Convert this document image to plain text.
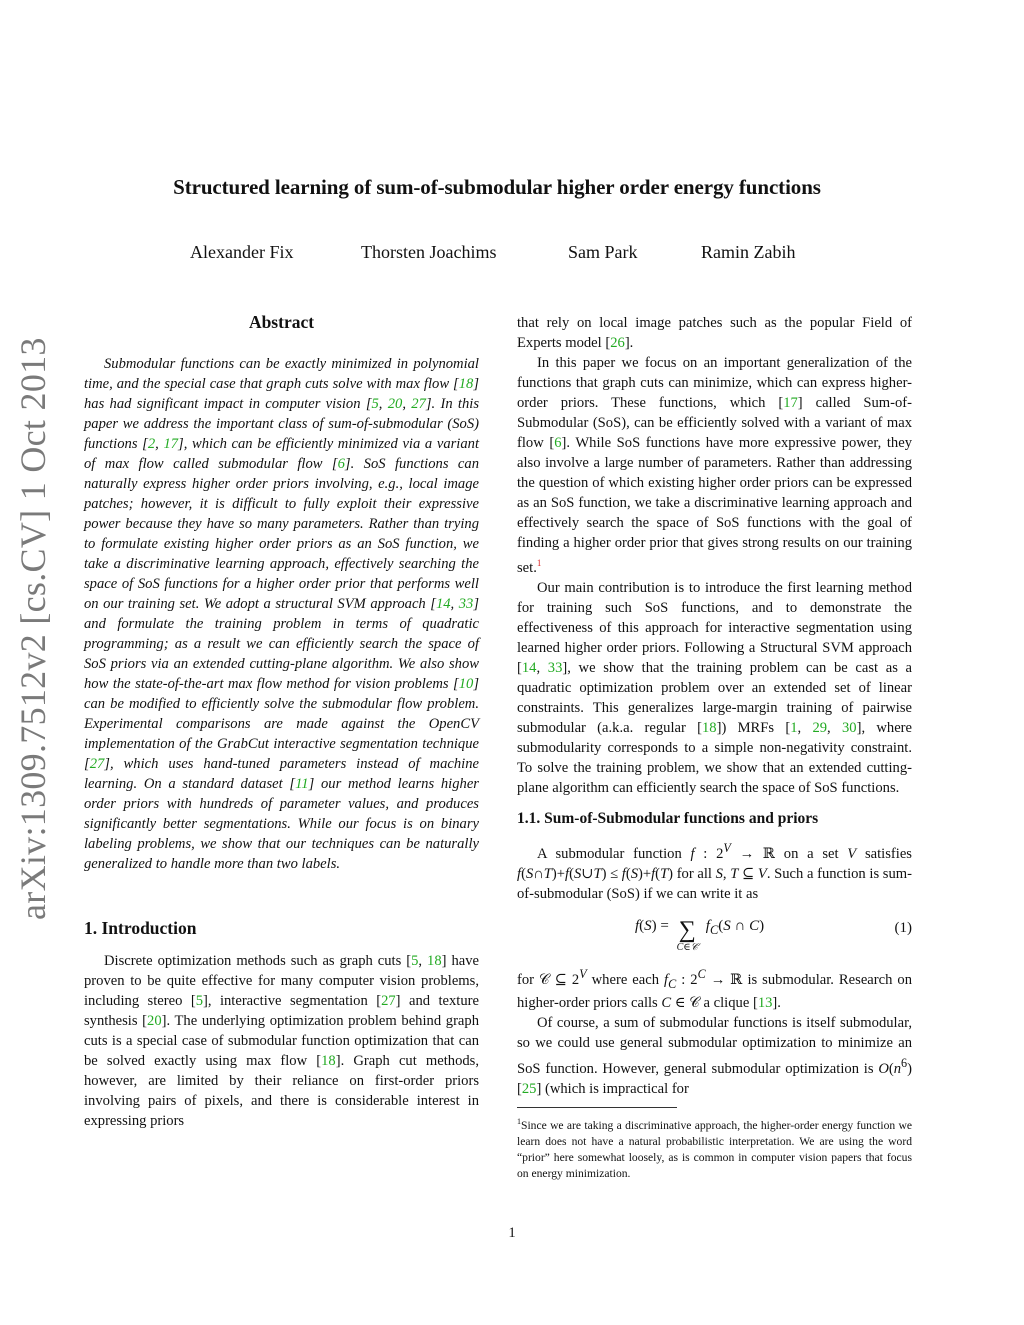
Structured learning of sum-of-submodular higher order energy functions
Alexander Fix	Thorsten Joachims	Sam Park	Ramin Zabih
arXiv:1309.7512v2 [cs.CV] 1 Oct 2013
Abstract

Submodular functions can be exactly minimized in polynomial time, and the special case that graph cuts solve with max flow [18] has had significant impact in computer vision [5, 20, 27]. In this paper we address the important class of sum-of-submodular (SoS) functions [2, 17], which can be efficiently minimized via a variant of max flow called submodular flow [6]. SoS functions can naturally express higher order priors involving, e.g., local image patches; however, it is difficult to fully exploit their expressive power because they have so many parameters. Rather than trying to formulate existing higher order priors as an SoS function, we take a discriminative learning approach, effectively searching the space of SoS functions for a higher order prior that performs well on our training set. We adopt a structural SVM approach [14, 33] and formulate the training problem in terms of quadratic programming; as a result we can efficiently search the space of SoS priors via an extended cutting-plane algorithm. We also show how the state-of-the-art max flow method for vision problems [10] can be modified to efficiently solve the submodular flow problem. Experimental comparisons are made against the OpenCV implementation of the GrabCut interactive segmentation technique [27], which uses hand-tuned parameters instead of machine learning. On a standard dataset [11] our method learns higher order priors with hundreds of parameter values, and produces significantly better segmentations. While our focus is on binary labeling problems, we show that our techniques can be naturally generalized to handle more than two labels.

1. Introduction

Discrete optimization methods such as graph cuts [5, 18] have proven to be quite effective for many computer vision problems, including stereo [5], interactive segmentation [27] and texture synthesis [20]. The underlying optimization problem behind graph cuts is a special case of submodular function optimization that can be solved exactly using max flow [18]. Graph cut methods, however, are limited by their reliance on first-order priors involving pairs of pixels, and there is considerable interest in expressing priors

that rely on local image patches such as the popular Field of Experts model [26].

In this paper we focus on an important generalization of the functions that graph cuts can minimize, which can express higher-order priors. These functions, which [17] called Sum-of-Submodular (SoS), can be efficiently solved with a variant of max flow [6]. While SoS functions have more expressive power, they also involve a large number of parameters. Rather than addressing the question of which existing higher order priors can be expressed as an SoS function, we take a discriminative learning approach and effectively search the space of SoS functions with the goal of finding a higher order prior that gives strong results on our training set.$^1$

Our main contribution is to introduce the first learning method for training such SoS functions, and to demonstrate the effectiveness of this approach for interactive segmentation using learned higher order priors. Following a Structural SVM approach [14, 33], we show that the training problem can be cast as a quadratic optimization problem over an extended set of linear constraints. This generalizes large-margin training of pairwise submodular (a.k.a. regular [18]) MRFs [1, 29, 30], where submodularity corresponds to a simple non-negativity constraint. To solve the training problem, we show that an extended cutting-plane algorithm can efficiently search the space of SoS functions.

1.1. Sum-of-Submodular functions and priors

A submodular function f : $2^V$ → ℝ on a set V satisfies f(S∩T)+f(S∪T) ≤ f(S)+f(T) for all S, T ⊆ V. Such a function is sum-of-submodular (SoS) if we can write it as

f(S) = ∑
C∈𝒞
$f_C(S$ ∩ C)	(1)

for 𝒞 ⊆ $2^V$ where each $f_C$ : $2^C$ → ℝ is submodular. Research on higher-order priors calls C ∈ 𝒞 a clique [13].

Of course, a sum of submodular functions is itself submodular, so we could use general submodular optimization to minimize an SoS function. However, general submodular optimization is $O(n^6)$ [25] (which is impractical for

$^1$Since we are taking a discriminative approach, the higher-order energy function we learn does not have a natural probabilistic interpretation. We are using the word “prior” here somewhat loosely, as is common in computer vision papers that focus on energy minimization.

1
